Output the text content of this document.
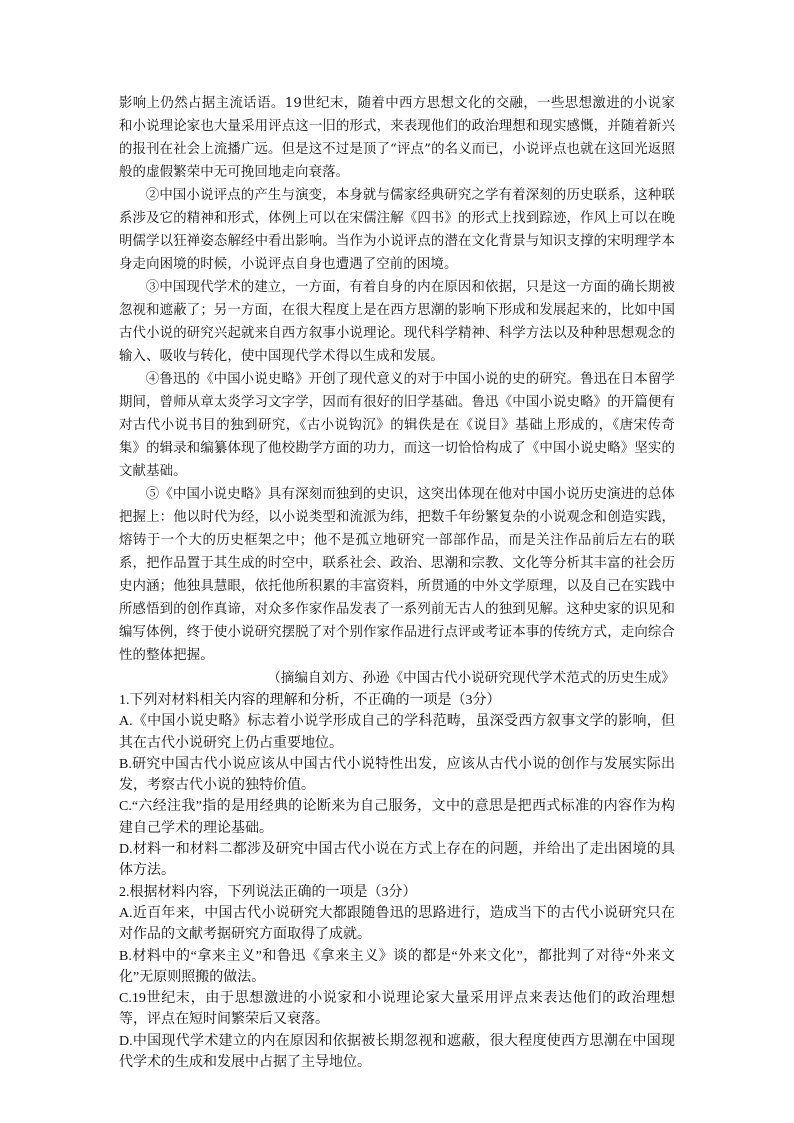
影响上仍然占据主流话语。19世纪末，随着中西方思想文化的交融，一些思想激进的小说家和小说理论家也大量采用评点这一旧的形式，来表现他们的政治理想和现实感慨，并随着新兴的报刊在社会上流播广远。但是这不过是顶了“评点”的名义而已，小说评点也就在这回光返照般的虚假繁荣中无可挽回地走向衰落。

②中国小说评点的产生与演变，本身就与儒家经典研究之学有着深刻的历史联系，这种联系涉及它的精神和形式，体例上可以在宋儒注解《四书》的形式上找到踪迹，作风上可以在晚明儒学以狂禅姿态解经中看出影响。当作为小说评点的潜在文化背景与知识支撑的宋明理学本身走向困境的时候，小说评点自身也遭遇了空前的困境。

③中国现代学术的建立，一方面，有着自身的内在原因和依据，只是这一方面的确长期被忽视和遮蔽了；另一方面，在很大程度上是在西方思潮的影响下形成和发展起来的，比如中国古代小说的研究兴起就来自西方叙事小说理论。现代科学精神、科学方法以及种种思想观念的输入、吸收与转化，使中国现代学术得以生成和发展。

④鲁迅的《中国小说史略》开创了现代意义的对于中国小说的史的研究。鲁迅在日本留学期间，曾师从章太炎学习文字学，因而有很好的旧学基础。鲁迅《中国小说史略》的开篇便有对古代小说书目的独到研究，《古小说钩沉》的辑佚是在《说目》基础上形成的，《唐宋传奇集》的辑录和编纂体现了他校勘学方面的功力，而这一切恰恰构成了《中国小说史略》坚实的文献基础。

⑤《中国小说史略》具有深刻而独到的史识，这突出体现在他对中国小说历史演进的总体把握上：他以时代为经，以小说类型和流派为纬，把数千年纷繁复杂的小说观念和创造实践，熔铸于一个大的历史框架之中；他不是孤立地研究一部部作品，而是关注作品前后左右的联系，把作品置于其生成的时空中，联系社会、政治、思潮和宗教、文化等分析其丰富的社会历史内涵；他独具慧眼，依托他所积累的丰富资料，所贯通的中外文学原理，以及自己在实践中所感悟到的创作真谛，对众多作家作品发表了一系列前无古人的独到见解。这种史家的识见和编写体例，终于使小说研究摆脱了对个别作家作品进行点评或考证本事的传统方式，走向综合性的整体把握。

（摘编自刘方、孙逊《中国古代小说研究现代学术范式的历史生成》

1.下列对材料相关内容的理解和分析，不正确的一项是（3分）

A.《中国小说史略》标志着小说学形成自己的学科范畴，虽深受西方叙事文学的影响，但其在古代小说研究上仍占重要地位。

B.研究中国古代小说应该从中国古代小说特性出发，应该从古代小说的创作与发展实际出发，考察古代小说的独特价值。

C.“六经注我”指的是用经典的论断来为自己服务，文中的意思是把西式标准的内容作为构建自己学术的理论基础。

D.材料一和材料二都涉及研究中国古代小说在方式上存在的问题，并给出了走出困境的具体方法。

2.根据材料内容，下列说法正确的一项是（3分）

A.近百年来，中国古代小说研究大都跟随鲁迅的思路进行，造成当下的古代小说研究只在对作品的文献考据研究方面取得了成就。

B.材料中的“拿来主义”和鲁迅《拿来主义》谈的都是“外来文化”，都批判了对待“外来文化”无原则照搬的做法。

C.19世纪末，由于思想激进的小说家和小说理论家大量采用评点来表达他们的政治理想等，评点在短时间繁荣后又衰落。

D.中国现代学术建立的内在原因和依据被长期忽视和遮蔽，很大程度使西方思潮在中国现代学术的生成和发展中占据了主导地位。
